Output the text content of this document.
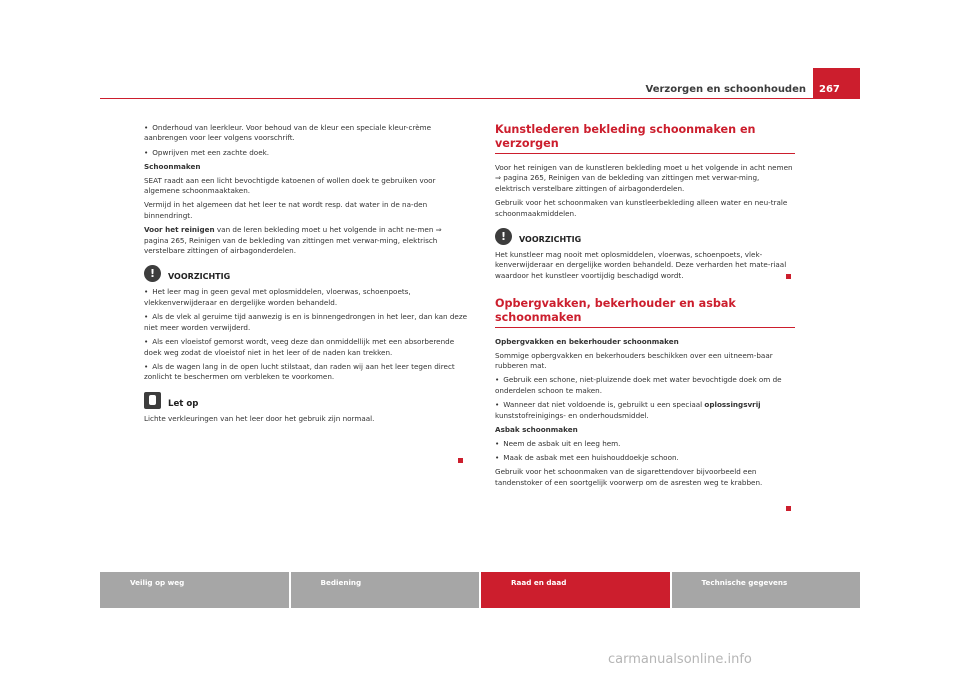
Verzorgen en schoonhouden	267
• Onderhoud van leerkleur. Voor behoud van de kleur een speciale kleur-crème aanbrengen voor leer volgens voorschrift.
• Opwrijven met een zachte doek.
Schoonmaken
SEAT raadt aan een licht bevochtigde katoenen of wollen doek te gebruiken voor algemene schoonmaaktaken.
Vermijd in het algemeen dat het leer te nat wordt resp. dat water in de na-den binnendringt.
Voor het reinigen van de leren bekleding moet u het volgende in acht ne-men ⇒ pagina 265, Reinigen van de bekleding van zittingen met verwar-ming, elektrisch verstelbare zittingen of airbagonderdelen.
!	VOORZICHTIG
• Het leer mag in geen geval met oplosmiddelen, vloerwas, schoenpoets, vlekkenverwijderaar en dergelijke worden behandeld.
• Als de vlek al geruime tijd aanwezig is en is binnengedrongen in het leer, dan kan deze niet meer worden verwijderd.
• Als een vloeistof gemorst wordt, veeg deze dan onmiddellijk met een absorberende doek weg zodat de vloeistof niet in het leer of de naden kan trekken.
• Als de wagen lang in de open lucht stilstaat, dan raden wij aan het leer tegen direct zonlicht te beschermen om verbleken te voorkomen.
Let op
Lichte verkleuringen van het leer door het gebruik zijn normaal.
Kunstlederen bekleding schoonmaken en verzorgen
Voor het reinigen van de kunstleren bekleding moet u het volgende in acht nemen ⇒ pagina 265, Reinigen van de bekleding van zittingen met verwar-ming, elektrisch verstelbare zittingen of airbagonderdelen.
Gebruik voor het schoonmaken van kunstleerbekleding alleen water en neu-trale schoonmaakmiddelen.
!	VOORZICHTIG
Het kunstleer mag nooit met oplosmiddelen, vloerwas, schoenpoets, vlek-kenverwijderaar en dergelijke worden behandeld. Deze verharden het mate-riaal waardoor het kunstleer voortijdig beschadigd wordt.
Opbergvakken, bekerhouder en asbak schoonmaken
Opbergvakken en bekerhouder schoonmaken
Sommige opbergvakken en bekerhouders beschikken over een uitneem-baar rubberen mat.
• Gebruik een schone, niet-pluizende doek met water bevochtigde doek om de onderdelen schoon te maken.
• Wanneer dat niet voldoende is, gebruikt u een speciaal oplossingsvrij kunststofreinigings- en onderhoudsmiddel.
Asbak schoonmaken
• Neem de asbak uit en leeg hem.
• Maak de asbak met een huishouddoekje schoon.
Gebruik voor het schoonmaken van de sigarettendover bijvoorbeeld een tandenstoker of een soortgelijk voorwerp om de asresten weg te krabben.
Veilig op weg	Bediening	Raad en daad	Technische gegevens
carmanualsonline.info
